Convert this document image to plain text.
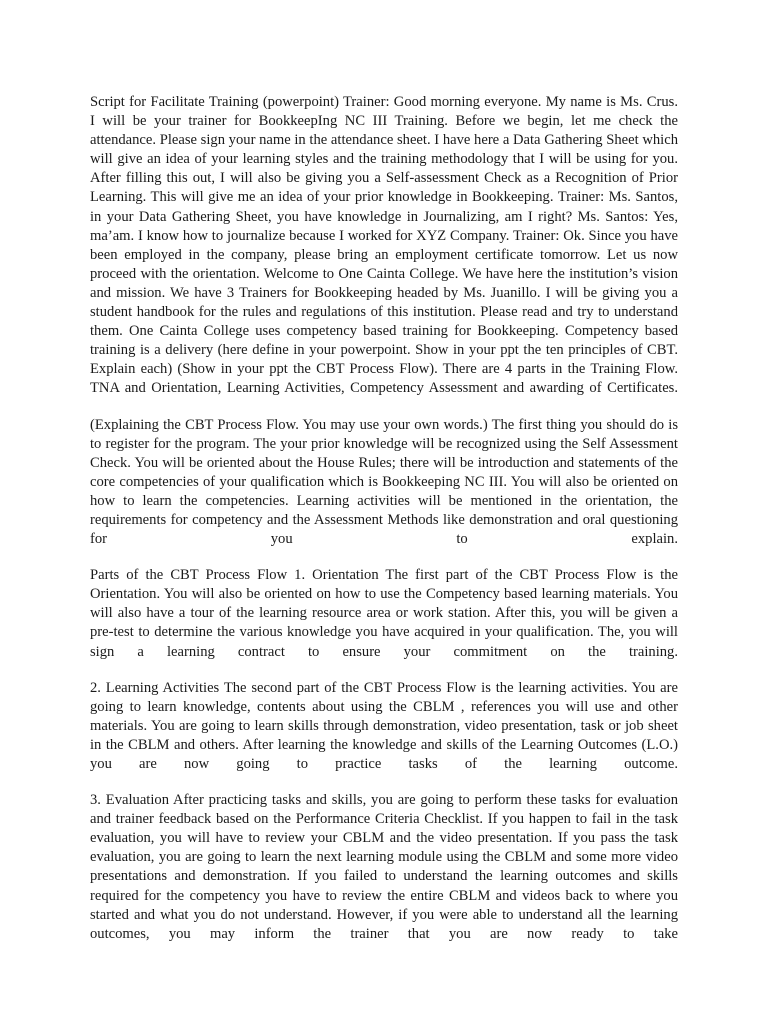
Script for Facilitate Training (powerpoint) Trainer: Good morning everyone. My name is Ms. Crus. I will be your trainer for BookkeepIng NC III Training. Before we begin, let me check the attendance. Please sign your name in the attendance sheet. I have here a Data Gathering Sheet which will give an idea of your learning styles and the training methodology that I will be using for you. After filling this out, I will also be giving you a Self-assessment Check as a Recognition of Prior Learning. This will give me an idea of your prior knowledge in Bookkeeping. Trainer: Ms. Santos, in your Data Gathering Sheet, you have knowledge in Journalizing, am I right? Ms. Santos: Yes, ma’am. I know how to journalize because I worked for XYZ Company. Trainer: Ok. Since you have been employed in the company, please bring an employment certificate tomorrow. Let us now proceed with the orientation. Welcome to One Cainta College. We have here the institution’s vision and mission. We have 3 Trainers for Bookkeeping headed by Ms. Juanillo. I will be giving you a student handbook for the rules and regulations of this institution. Please read and try to understand them. One Cainta College uses competency based training for Bookkeeping. Competency based training is a delivery (here define in your powerpoint. Show in your ppt the ten principles of CBT. Explain each) (Show in your ppt the CBT Process Flow). There are 4 parts in the Training Flow. TNA and Orientation, Learning Activities, Competency Assessment and awarding of Certificates.

(Explaining the CBT Process Flow. You may use your own words.) The first thing you should do is to register for the program. The your prior knowledge will be recognized using the Self Assessment Check. You will be oriented about the House Rules; there will be introduction and statements of the core competencies of your qualification which is Bookkeeping NC III. You will also be oriented on how to learn the competencies. Learning activities will be mentioned in the orientation, the requirements for competency and the Assessment Methods like demonstration and oral questioning for you to explain.

Parts of the CBT Process Flow 1. Orientation The first part of the CBT Process Flow is the Orientation. You will also be oriented on how to use the Competency based learning materials. You will also have a tour of the learning resource area or work station. After this, you will be given a pre-test to determine the various knowledge you have acquired in your qualification. The, you will sign a learning contract to ensure your commitment on the training.

2. Learning Activities The second part of the CBT Process Flow is the learning activities. You are going to learn knowledge, contents about using the CBLM , references you will use and other materials. You are going to learn skills through demonstration, video presentation, task or job sheet in the CBLM and others. After learning the knowledge and skills of the Learning Outcomes (L.O.) you are now going to practice tasks of the learning outcome.

3. Evaluation After practicing tasks and skills, you are going to perform these tasks for evaluation and trainer feedback based on the Performance Criteria Checklist. If you happen to fail in the task evaluation, you will have to review your CBLM and the video presentation. If you pass the task evaluation, you are going to learn the next learning module using the CBLM and some more video presentations and demonstration. If you failed to understand the learning outcomes and skills required for the competency you have to review the entire CBLM and videos back to where you started and what you do not understand. However, if you were able to understand all the learning outcomes, you may inform the trainer that you are now ready to take
